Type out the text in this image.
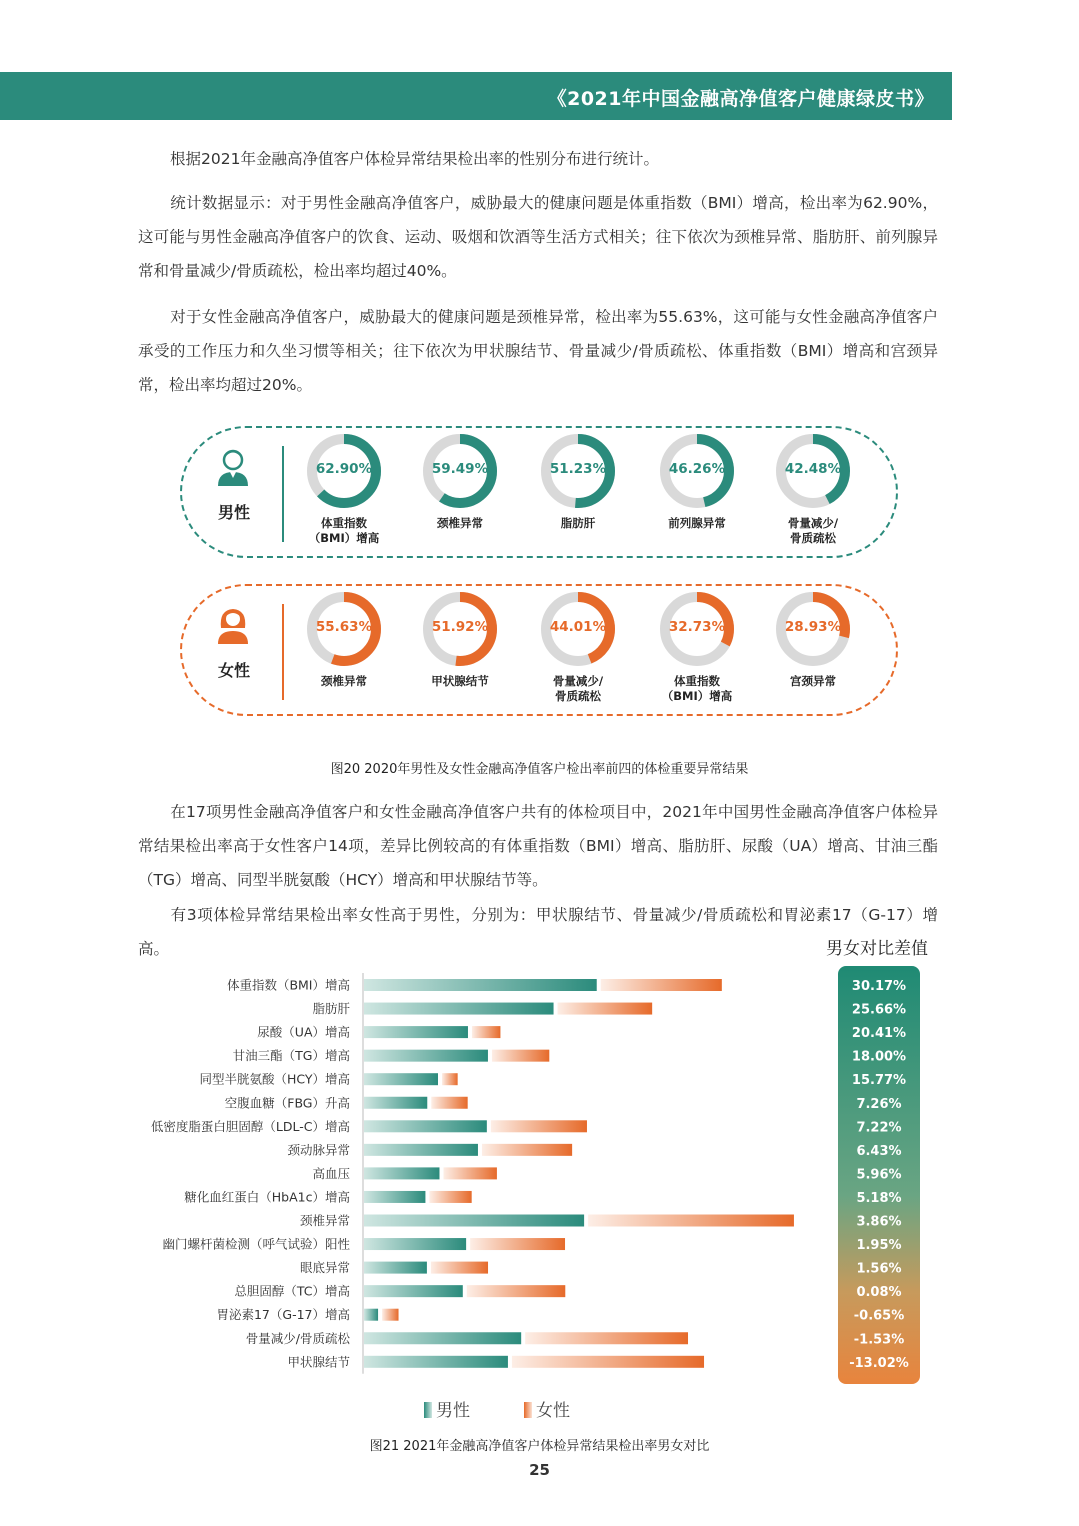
《2021年中国金融高净值客户健康绿皮书》
根据2021年金融高净值客户体检异常结果检出率的性别分布进行统计。
统计数据显示：对于男性金融高净值客户，威胁最大的健康问题是体重指数（BMI）增高，检出率为62.90%，这可能与男性金融高净值客户的饮食、运动、吸烟和饮酒等生活方式相关；往下依次为颈椎异常、脂肪肝、前列腺异常和骨量减少/骨质疏松，检出率均超过40%。
对于女性金融高净值客户，威胁最大的健康问题是颈椎异常，检出率为55.63%，这可能与女性金融高净值客户承受的工作压力和久坐习惯等相关；往下依次为甲状腺结节、骨量减少/骨质疏松、体重指数（BMI）增高和宫颈异常，检出率均超过20%。
男性
62.90%
体重指数
（BMI）增高
59.49%
颈椎异常
51.23%
脂肪肝
46.26%
前列腺异常
42.48%
骨量减少/
骨质疏松
女性
55.63%
颈椎异常
51.92%
甲状腺结节
44.01%
骨量减少/
骨质疏松
32.73%
体重指数
（BMI）增高
28.93%
宫颈异常
图20 2020年男性及女性金融高净值客户检出率前四的体检重要异常结果
在17项男性金融高净值客户和女性金融高净值客户共有的体检项目中，2021年中国男性金融高净值客户体检异常结果检出率高于女性客户14项，差异比例较高的有体重指数（BMI）增高、脂肪肝、尿酸（UA）增高、甘油三酯（TG）增高、同型半胱氨酸（HCY）增高和甲状腺结节等。
有3项体检异常结果检出率女性高于男性，分别为：甲状腺结节、骨量减少/骨质疏松和胃泌素17（G-17）增高。	男女对比差值
体重指数（BMI）增高	30.17%
脂肪肝	25.66%
尿酸（UA）增高	20.41%
甘油三酯（TG）增高	18.00%
同型半胱氨酸（HCY）增高	15.77%
空腹血糖（FBG）升高	7.26%
低密度脂蛋白胆固醇（LDL-C）增高	7.22%
颈动脉异常	6.43%
高血压	5.96%
糖化血红蛋白（HbA1c）增高	5.18%
颈椎异常	3.86%
幽门螺杆菌检测（呼气试验）阳性	1.95%
眼底异常	1.56%
总胆固醇（TC）增高	0.08%
胃泌素17（G-17）增高	-0.65%
骨量减少/骨质疏松	-1.53%
甲状腺结节	-13.02%
男性	女性
图21 2021年金融高净值客户体检异常结果检出率男女对比
25
